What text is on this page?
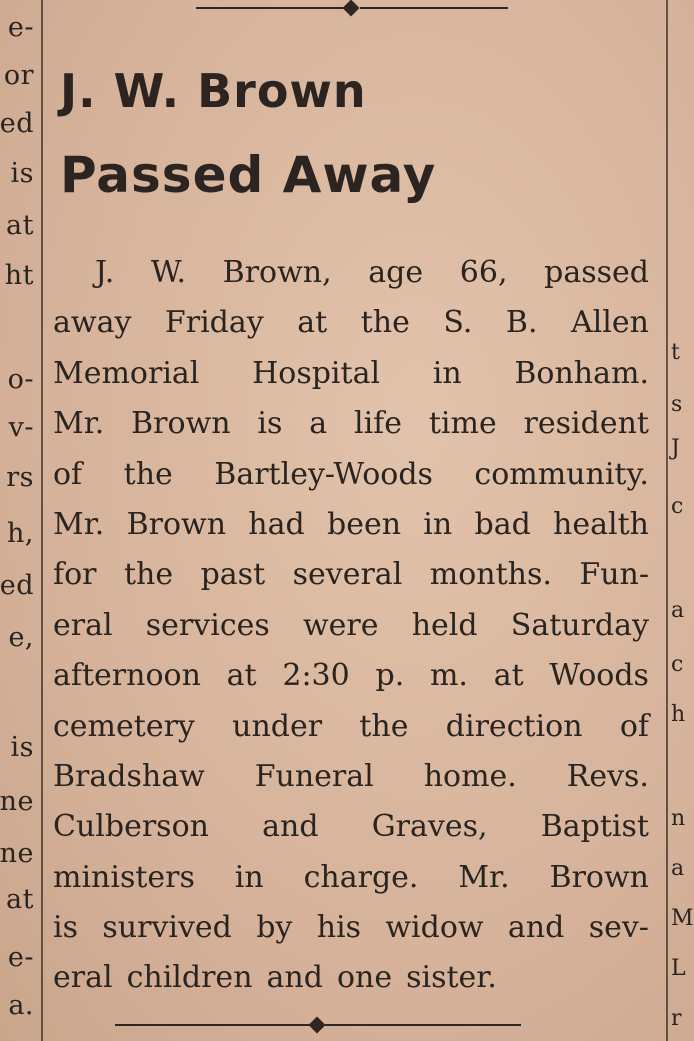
e-
or
ed
is
at
ht
o-
v-
rs
h,
ed
e,
is
ne
ne
at
e-
a.
t
s
J
c
a
c
h
n
a
M
L
r
J. W. Brown
Passed Away
J. W. Brown, age 66, passed
away Friday at the S. B. Allen
Memorial Hospital in Bonham.
Mr. Brown is a life time resident
of the Bartley-Woods community.
Mr. Brown had been in bad health
for the past several months. Fun-
eral services were held Saturday
afternoon at 2:30 p. m. at Woods
cemetery under the direction of
Bradshaw Funeral home. Revs.
Culberson and Graves, Baptist
ministers in charge. Mr. Brown
is survived by his widow and sev-
eral children and one sister.
